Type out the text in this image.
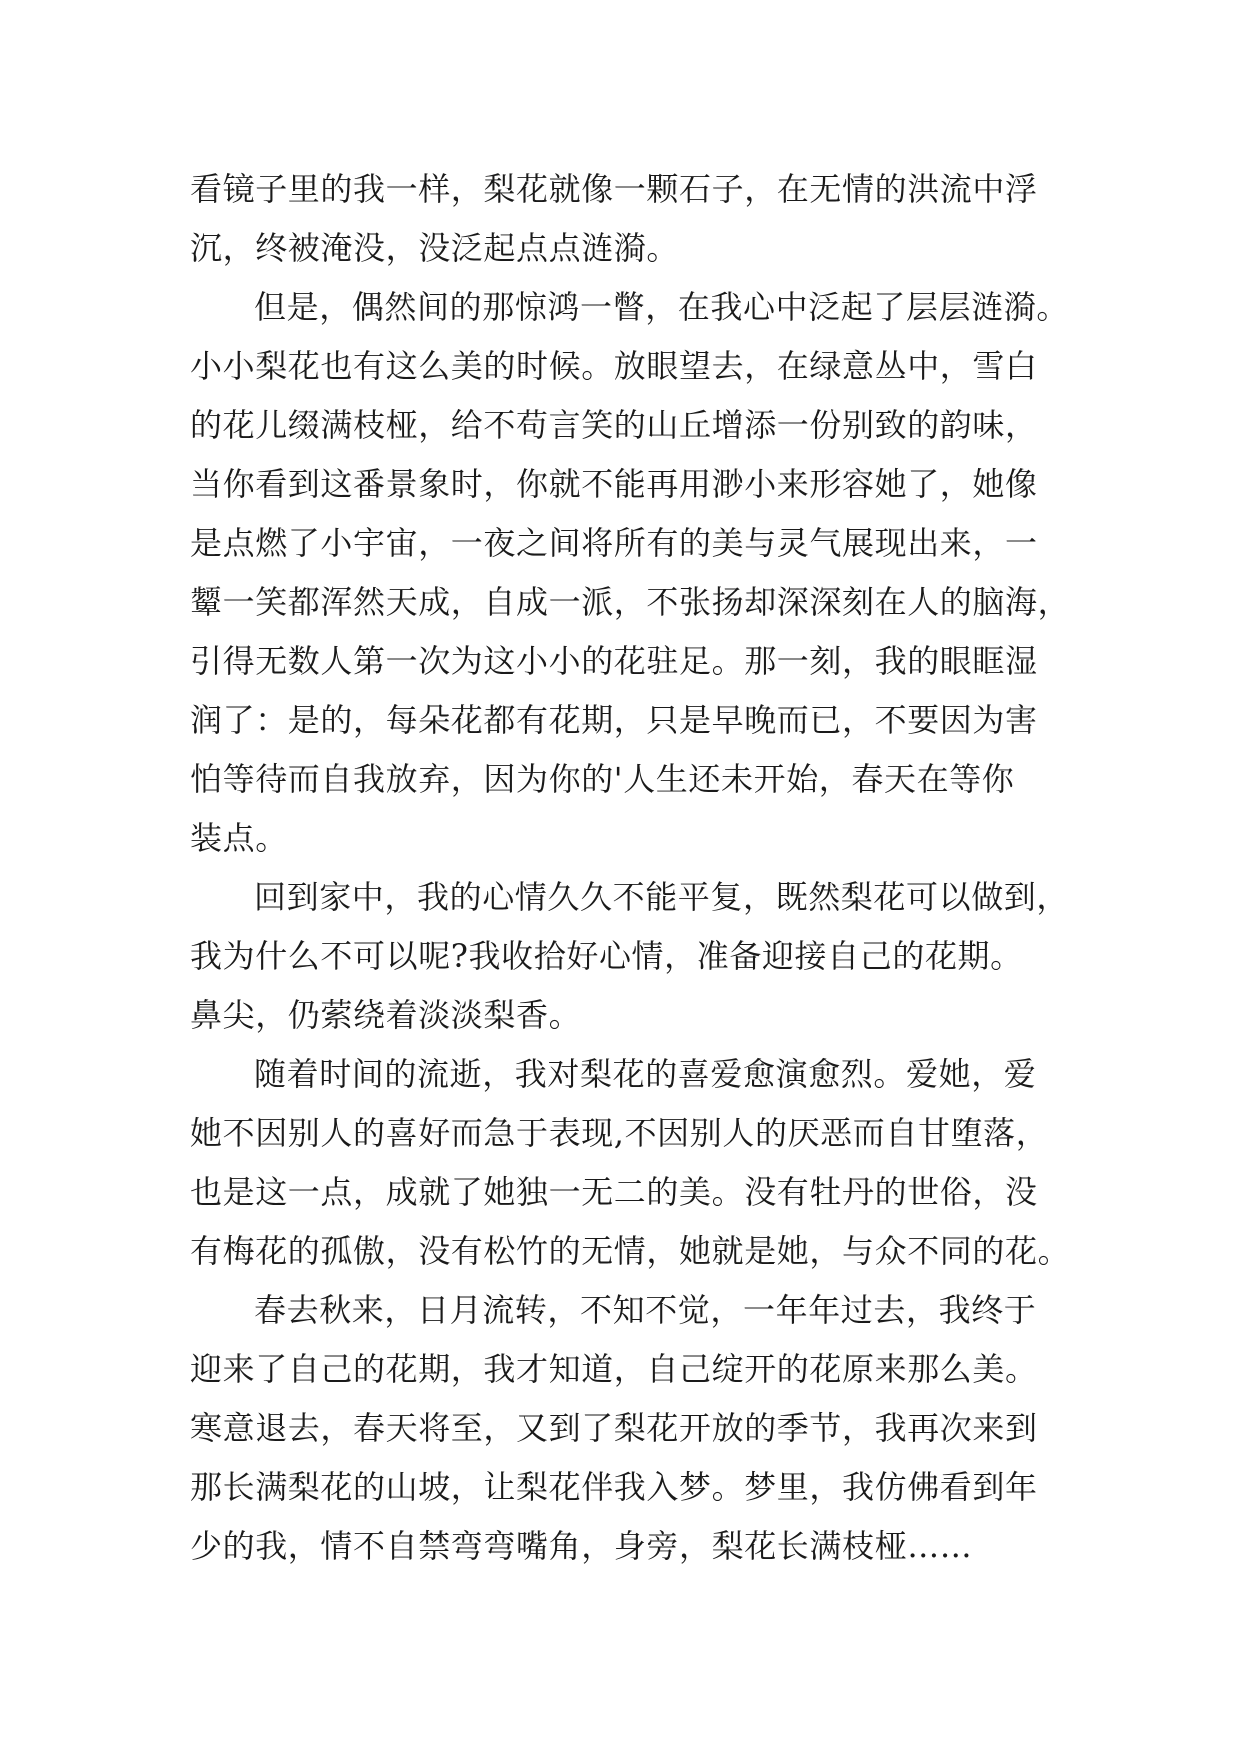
看镜子里的我一样，梨花就像一颗石子，在无情的洪流中浮
沉，终被淹没，没泛起点点涟漪。

但是，偶然间的那惊鸿一瞥，在我心中泛起了层层涟漪。
小小梨花也有这么美的时候。放眼望去，在绿意丛中，雪白
的花儿缀满枝桠，给不苟言笑的山丘增添一份别致的韵味，
当你看到这番景象时，你就不能再用渺小来形容她了，她像
是点燃了小宇宙，一夜之间将所有的美与灵气展现出来，一
颦一笑都浑然天成，自成一派，不张扬却深深刻在人的脑海，
引得无数人第一次为这小小的花驻足。那一刻，我的眼眶湿
润了：是的，每朵花都有花期，只是早晚而已，不要因为害
怕等待而自我放弃，因为你的'人生还未开始，春天在等你
装点。

回到家中，我的心情久久不能平复，既然梨花可以做到，
我为什么不可以呢?我收拾好心情，准备迎接自己的花期。
鼻尖，仍萦绕着淡淡梨香。

随着时间的流逝，我对梨花的喜爱愈演愈烈。爱她，爱
她不因别人的喜好而急于表现,不因别人的厌恶而自甘堕落，
也是这一点，成就了她独一无二的美。没有牡丹的世俗，没
有梅花的孤傲，没有松竹的无情，她就是她，与众不同的花。

春去秋来，日月流转，不知不觉，一年年过去，我终于
迎来了自己的花期，我才知道，自己绽开的花原来那么美。
寒意退去，春天将至，又到了梨花开放的季节，我再次来到
那长满梨花的山坡，让梨花伴我入梦。梦里，我仿佛看到年
少的我，情不自禁弯弯嘴角，身旁，梨花长满枝桠……
